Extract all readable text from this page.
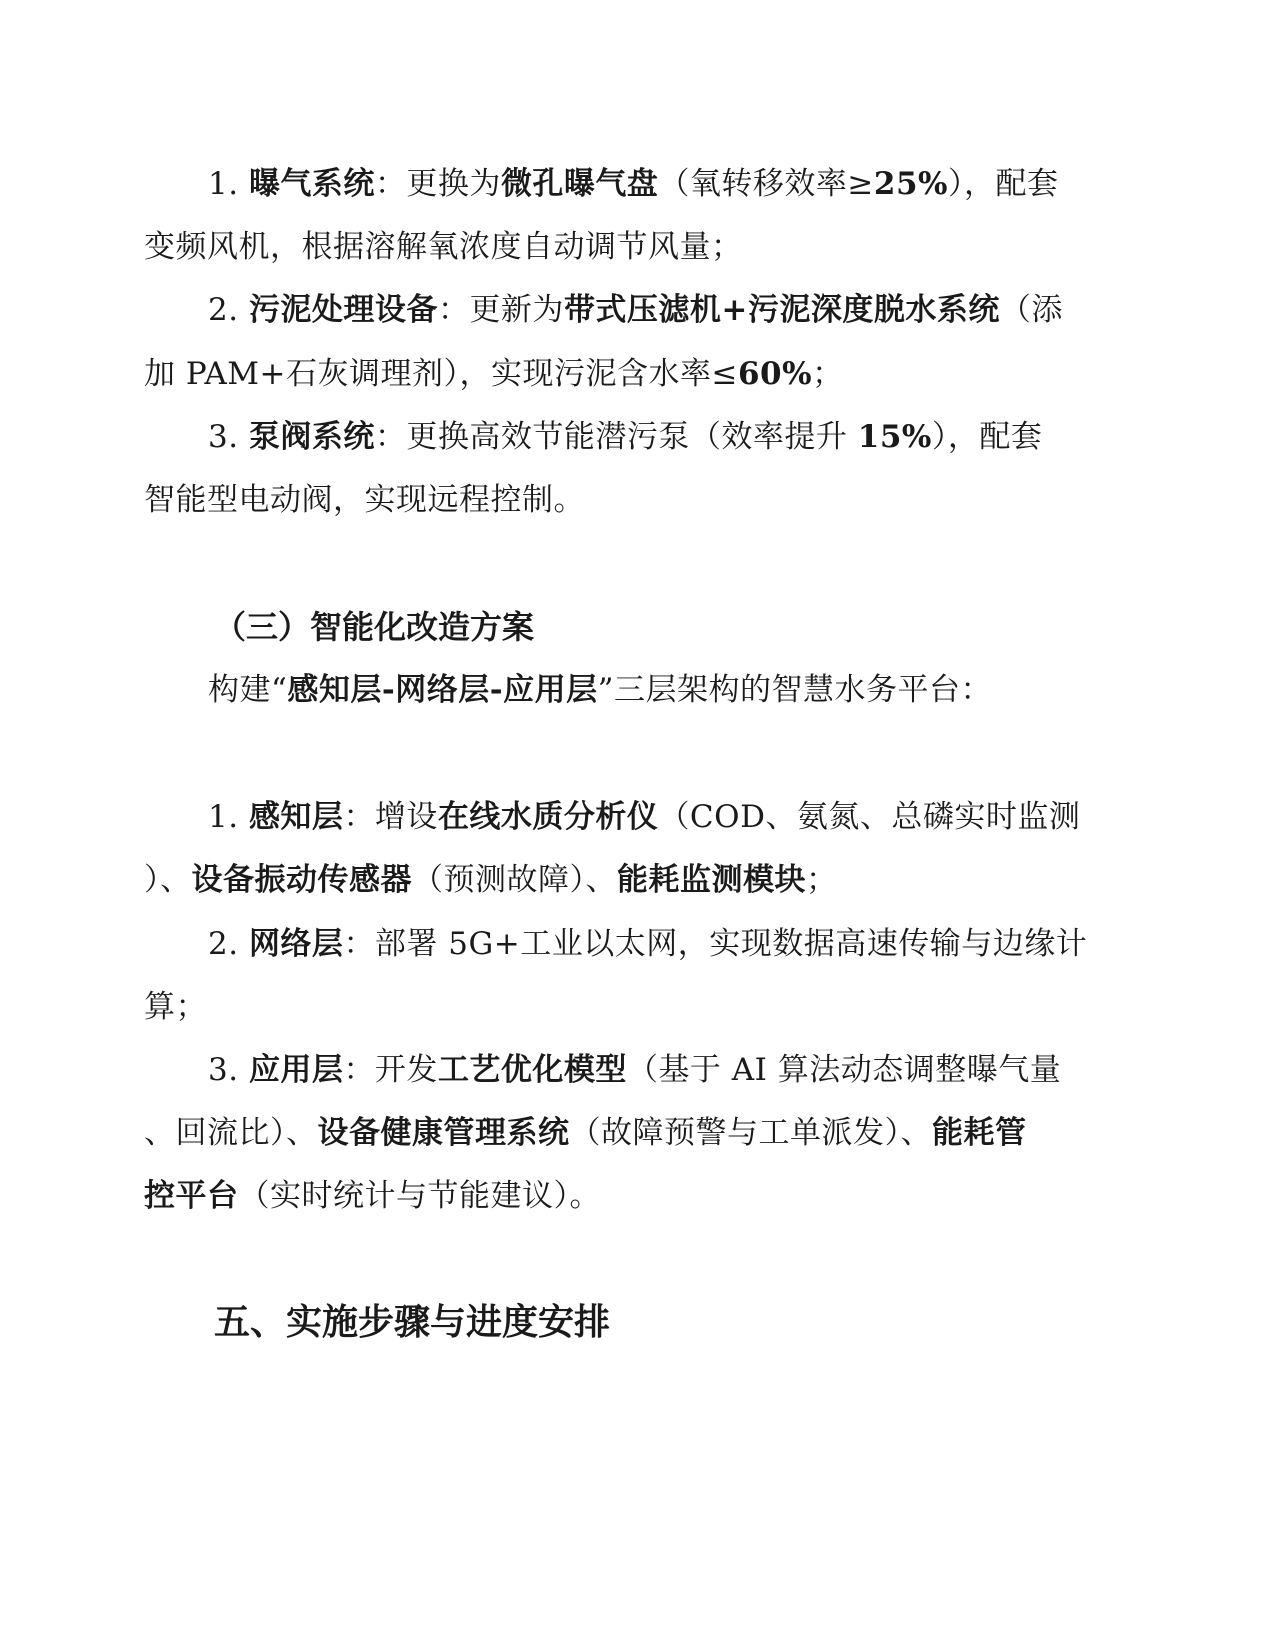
1. 曝气系统：更换为微孔曝气盘（氧转移效率≥25%），配套
变频风机，根据溶解氧浓度自动调节风量；
2. 污泥处理设备：更新为带式压滤机+污泥深度脱水系统（添
加 PAM+石灰调理剂），实现污泥含水率≤60%；
3. 泵阀系统：更换高效节能潜污泵（效率提升 15%），配套
智能型电动阀，实现远程控制。
（三）智能化改造方案
构建“感知层-网络层-应用层”三层架构的智慧水务平台：
1. 感知层：增设在线水质分析仪（COD、氨氮、总磷实时监测
）、设备振动传感器（预测故障）、能耗监测模块；
2. 网络层：部署 5G+工业以太网，实现数据高速传输与边缘计
算；
3. 应用层：开发工艺优化模型（基于 AI 算法动态调整曝气量
、回流比）、设备健康管理系统（故障预警与工单派发）、能耗管
控平台（实时统计与节能建议）。
五、实施步骤与进度安排
